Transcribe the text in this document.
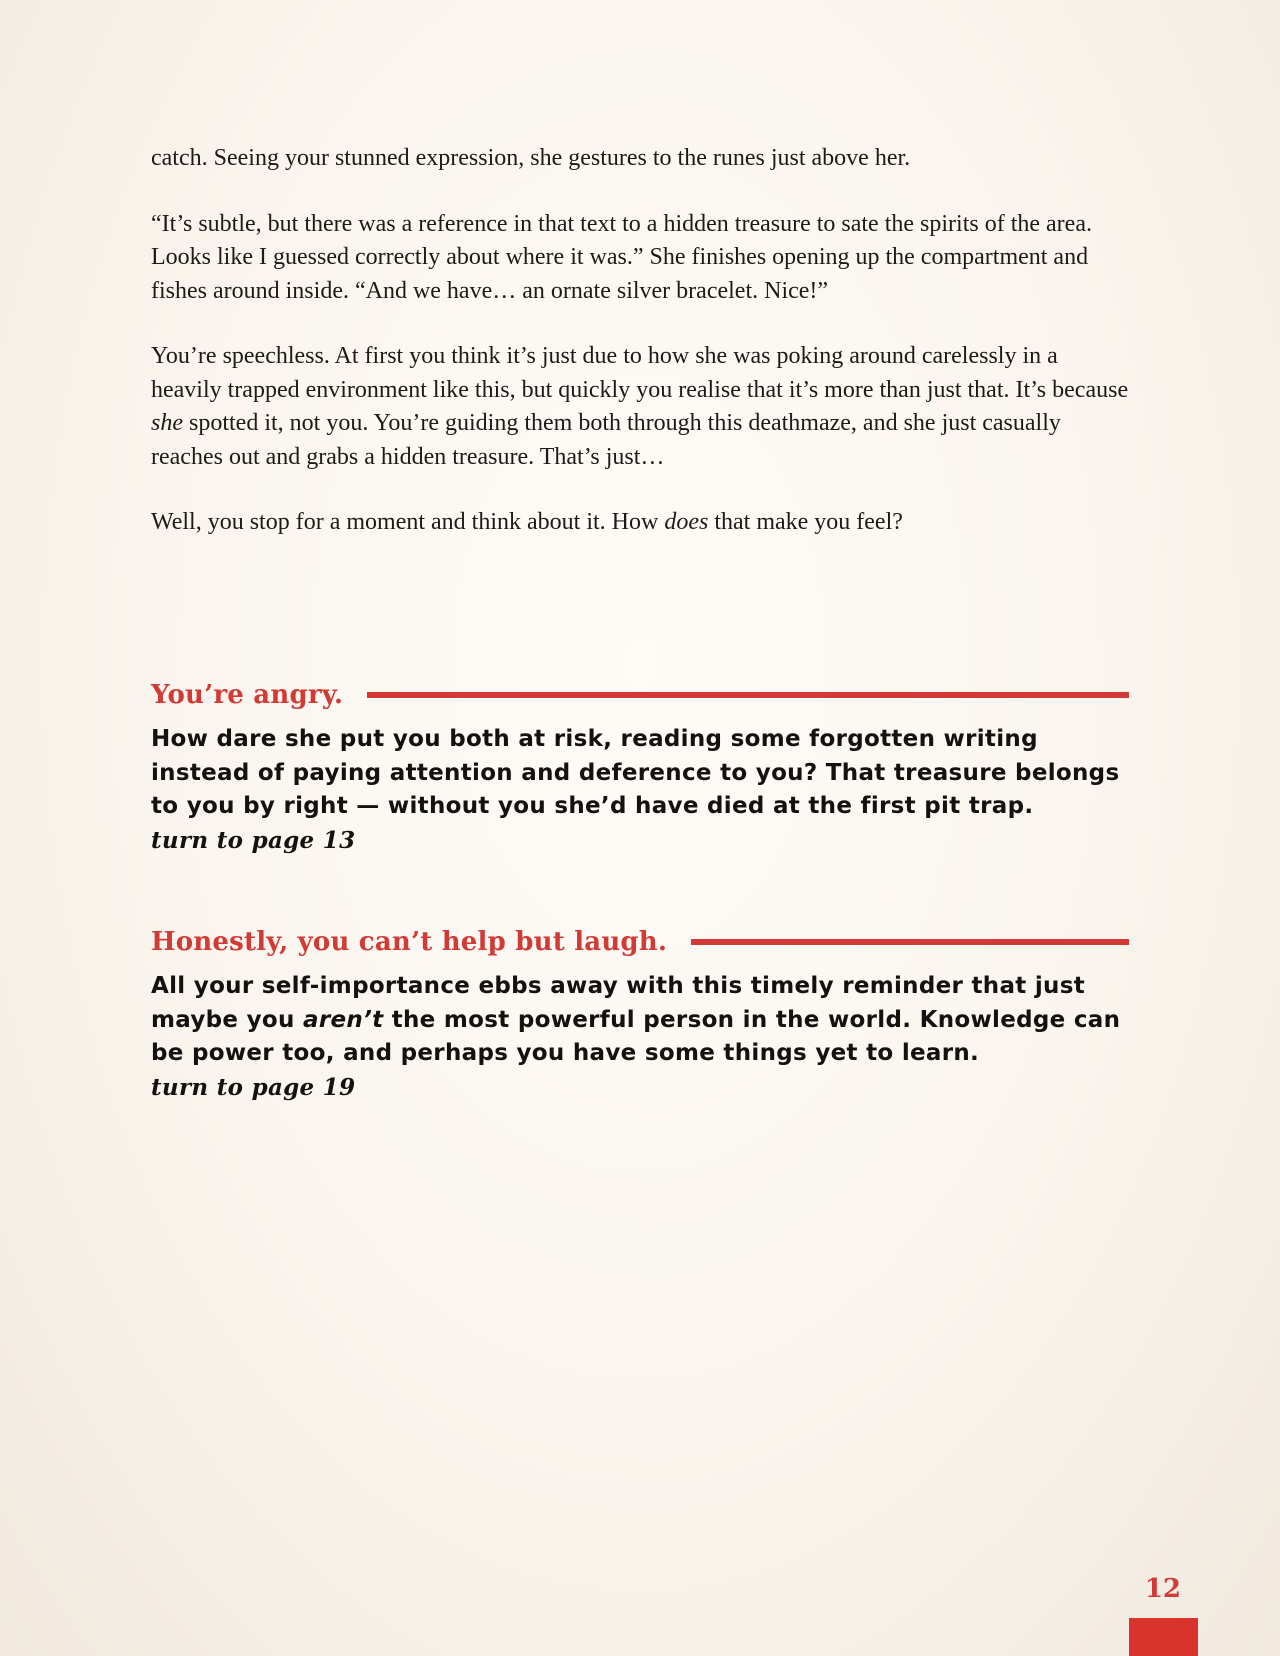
catch. Seeing your stunned expression, she gestures to the runes just above her.

“It’s subtle, but there was a reference in that text to a hidden treasure to sate the spirits of the area. Looks like I guessed correctly about where it was.” She finishes opening up the compartment and fishes around inside. “And we have… an ornate silver bracelet. Nice!”

You’re speechless. At first you think it’s just due to how she was poking around carelessly in a heavily trapped environment like this, but quickly you realise that it’s more than just that. It’s because she spotted it, not you. You’re guiding them both through this deathmaze, and she just casually reaches out and grabs a hidden treasure. That’s just…

Well, you stop for a moment and think about it. How does that make you feel?

You’re angry.
How dare she put you both at risk, reading some forgotten writing instead of paying attention and deference to you? That treasure belongs to you by right — without you she’d have died at the first pit trap.
turn to page 13
Honestly, you can’t help but laugh.
All your self-importance ebbs away with this timely reminder that just maybe you aren’t the most powerful person in the world. Knowledge can be power too, and perhaps you have some things yet to learn.
turn to page 19
12
